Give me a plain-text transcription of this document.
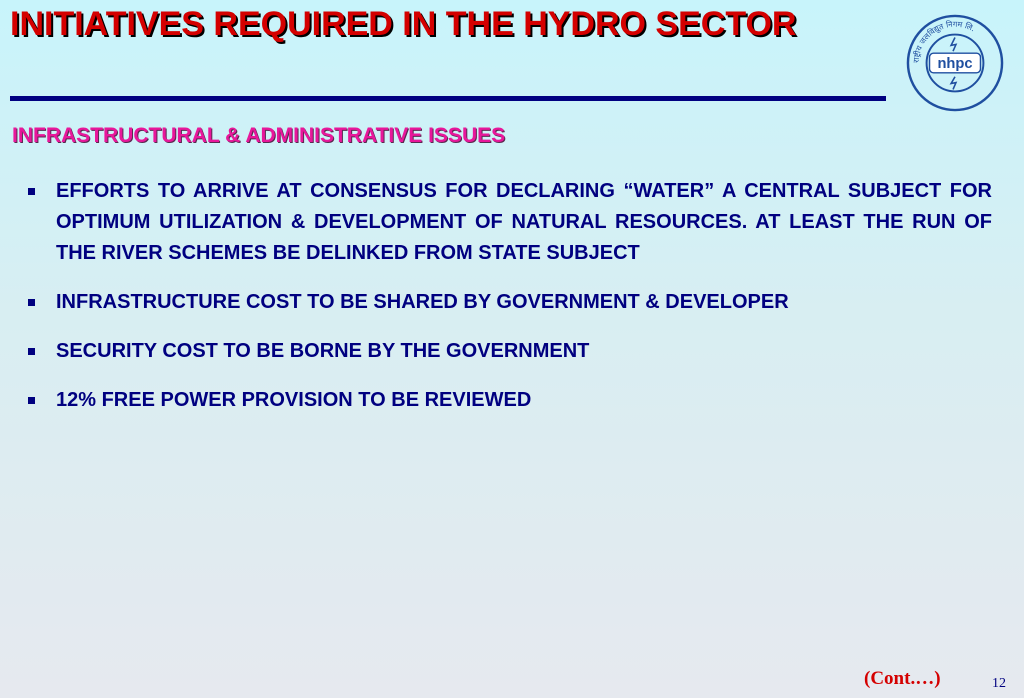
INITIATIVES REQUIRED IN THE HYDRO SECTOR
राष्ट्रीय जलविद्युत निगम लि.
nhpc
INFRASTRUCTURAL & ADMINISTRATIVE ISSUES
EFFORTS TO ARRIVE AT CONSENSUS FOR DECLARING “WATER” A CENTRAL SUBJECT FOR OPTIMUM UTILIZATION & DEVELOPMENT OF NATURAL RESOURCES. AT LEAST THE RUN OF THE RIVER SCHEMES BE DELINKED FROM STATE SUBJECT
INFRASTRUCTURE COST TO BE SHARED BY GOVERNMENT & DEVELOPER
SECURITY COST TO BE BORNE BY THE GOVERNMENT
12% FREE POWER PROVISION TO BE REVIEWED
(Cont.…)	12
